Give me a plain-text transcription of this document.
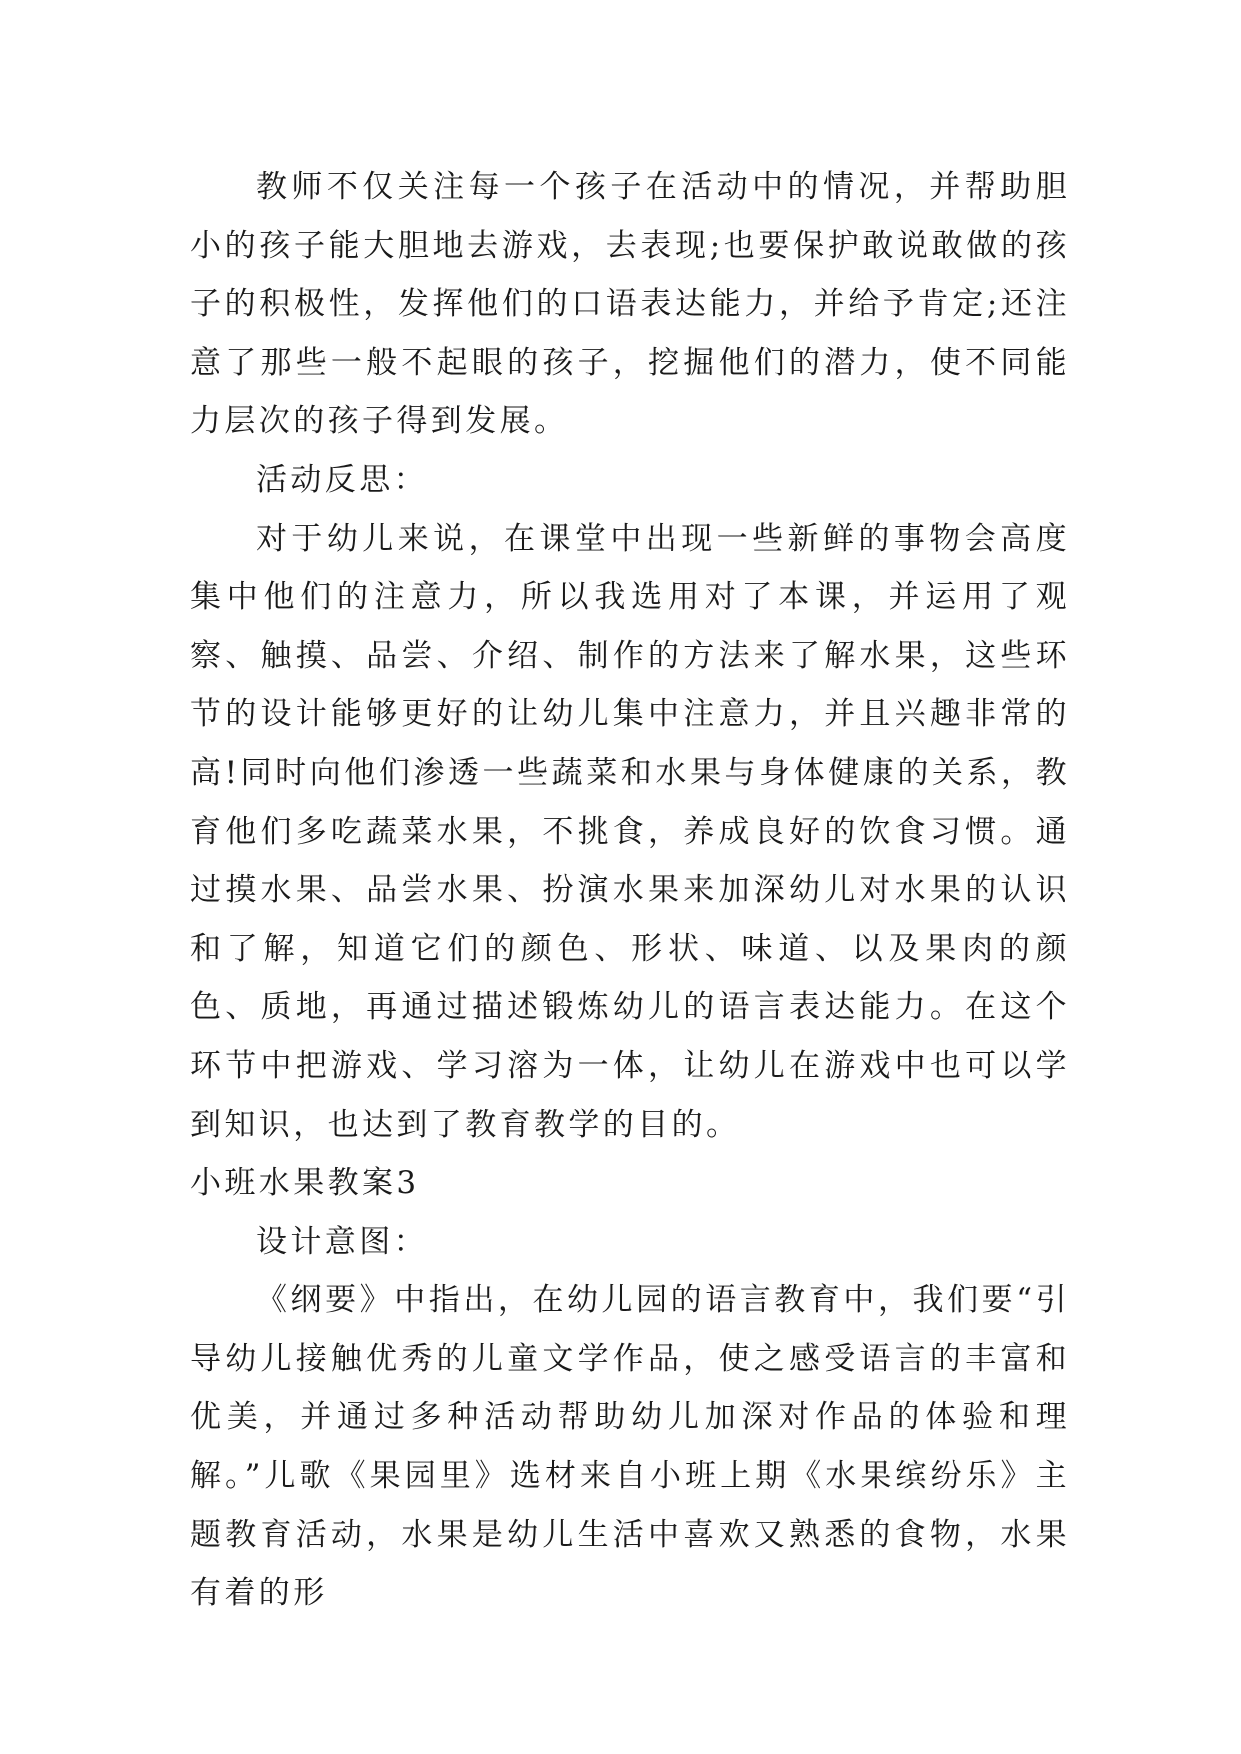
教师不仅关注每一个孩子在活动中的情况，并帮助胆小的孩子能大胆地去游戏，去表现;也要保护敢说敢做的孩子的积极性，发挥他们的口语表达能力，并给予肯定;还注意了那些一般不起眼的孩子，挖掘他们的潜力，使不同能力层次的孩子得到发展。

活动反思：

对于幼儿来说，在课堂中出现一些新鲜的事物会高度集中他们的注意力，所以我选用对了本课，并运用了观察、触摸、品尝、介绍、制作的方法来了解水果，这些环节的设计能够更好的让幼儿集中注意力，并且兴趣非常的高!同时向他们渗透一些蔬菜和水果与身体健康的关系，教育他们多吃蔬菜水果，不挑食，养成良好的饮食习惯。通过摸水果、品尝水果、扮演水果来加深幼儿对水果的认识和了解，知道它们的颜色、形状、味道、以及果肉的颜色、质地，再通过描述锻炼幼儿的语言表达能力。在这个环节中把游戏、学习溶为一体，让幼儿在游戏中也可以学到知识，也达到了教育教学的目的。

小班水果教案3

设计意图：

《纲要》中指出，在幼儿园的语言教育中，我们要“引导幼儿接触优秀的儿童文学作品，使之感受语言的丰富和优美，并通过多种活动帮助幼儿加深对作品的体验和理解。”儿歌《果园里》选材来自小班上期《水果缤纷乐》主题教育活动，水果是幼儿生活中喜欢又熟悉的食物，水果有着的形
